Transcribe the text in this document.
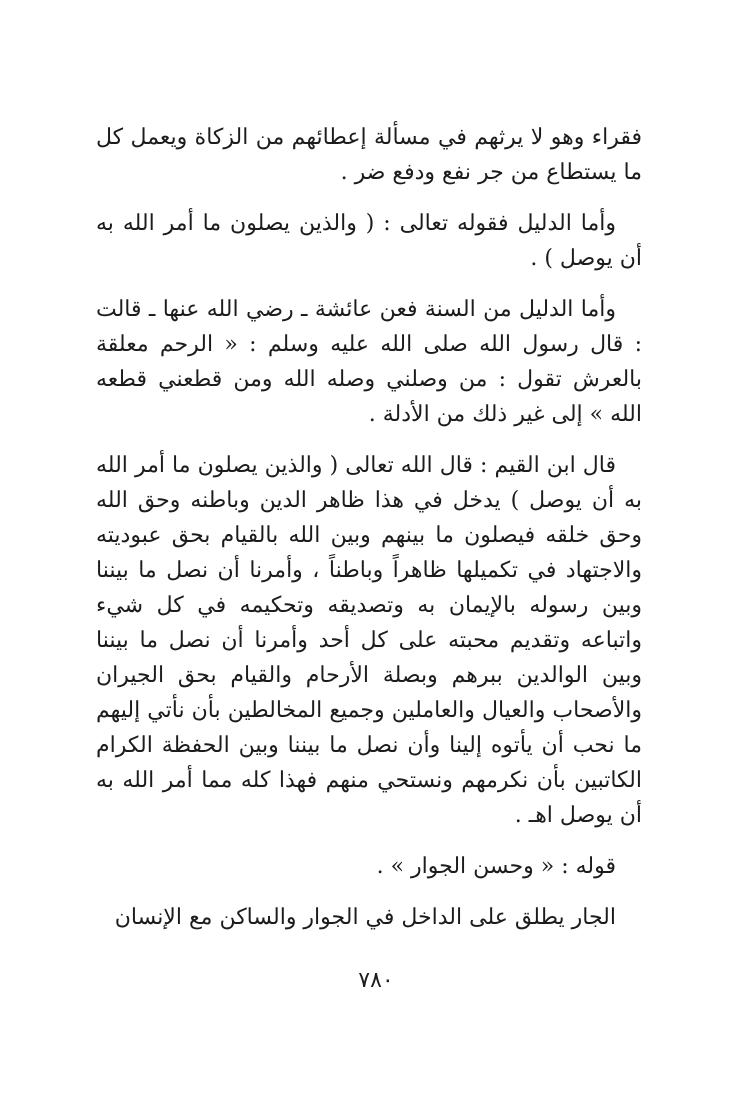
فقراء وهو لا يرثهم في مسألة إعطائهم من الزكاة ويعمل كل ما يستطاع من جر نفع ودفع ضر .

وأما الدليل فقوله تعالى : ( والذين يصلون ما أمر الله به أن يوصل ) .

وأما الدليل من السنة فعن عائشة ـ رضي الله عنها ـ قالت : قال رسول الله صلى الله عليه وسلم : « الرحم معلقة بالعرش تقول : من وصلني وصله الله ومن قطعني قطعه الله » إلى غير ذلك من الأدلة .

قال ابن القيم : قال الله تعالى ( والذين يصلون ما أمر الله به أن يوصل ) يدخل في هذا ظاهر الدين وباطنه وحق الله وحق خلقه فيصلون ما بينهم وبين الله بالقيام بحق عبوديته والاجتهاد في تكميلها ظاهراً وباطناً ، وأمرنا أن نصل ما بيننا وبين رسوله بالإيمان به وتصديقه وتحكيمه في كل شيء واتباعه وتقديم محبته على كل أحد وأمرنا أن نصل ما بيننا وبين الوالدين ببرهم وبصلة الأرحام والقيام بحق الجيران والأصحاب والعيال والعاملين وجميع المخالطين بأن نأتي إليهم ما نحب أن يأتوه إلينا وأن نصل ما بيننا وبين الحفظة الكرام الكاتبين بأن نكرمهم ونستحي منهم فهذا كله مما أمر الله به أن يوصل اهـ .

قوله : « وحسن الجوار » .

الجار يطلق على الداخل في الجوار والساكن مع الإنسان

٧٨٠
